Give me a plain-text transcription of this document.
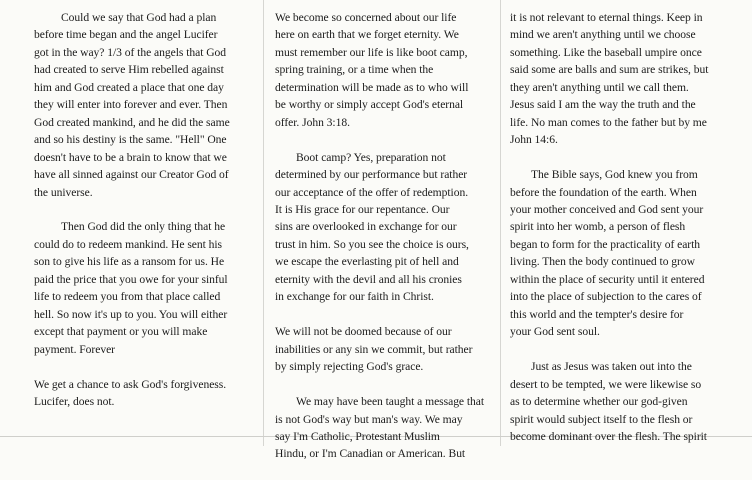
Could we say that God had a plan
before time began and the angel Lucifer
got in the way? 1/3 of the angels that God
had created to serve Him rebelled against
him and God created a place that one day
they will enter into forever and ever. Then
God created mankind, and he did the same
and so his destiny is the same. "Hell" One
doesn't have to be a brain to know that we
have all sinned against our Creator God of
the universe.

Then God did the only thing that he
could do to redeem mankind. He sent his
son to give his life as a ransom for us. He
paid the price that you owe for your sinful
life to redeem you from that place called
hell. So now it's up to you. You will either
except that payment or you will make
payment. Forever

We get a chance to ask God's forgiveness.
Lucifer, does not.

We become so concerned about our life
here on earth that we forget eternity. We
must remember our life is like boot camp,
spring training, or a time when the
determination will be made as to who will
be worthy or simply accept God's eternal
offer. John 3:18.

Boot camp? Yes, preparation not
determined by our performance but rather
our acceptance of the offer of redemption.
It is His grace for our repentance. Our
sins are overlooked in exchange for our
trust in him. So you see the choice is ours,
we escape the everlasting pit of hell and
eternity with the devil and all his cronies
in exchange for our faith in Christ.

We will not be doomed because of our
inabilities or any sin we commit, but rather
by simply rejecting God's grace.

We may have been taught a message that
is not God's way but man's way. We may
say I'm Catholic, Protestant Muslim
Hindu, or I'm Canadian or American. But

it is not relevant to eternal things. Keep in
mind we aren't anything until we choose
something. Like the baseball umpire once
said some are balls and sum are strikes, but
they aren't anything until we call them.
Jesus said I am the way the truth and the
life. No man comes to the father but by me
John 14:6.

The Bible says, God knew you from
before the foundation of the earth. When
your mother conceived and God sent your
spirit into her womb, a person of flesh
began to form for the practicality of earth
living. Then the body continued to grow
within the place of security until it entered
into the place of subjection to the cares of
this world and the tempter's desire for
your God sent soul.

Just as Jesus was taken out into the
desert to be tempted, we were likewise so
as to determine whether our god-given
spirit would subject itself to the flesh or
become dominant over the flesh. The spirit
